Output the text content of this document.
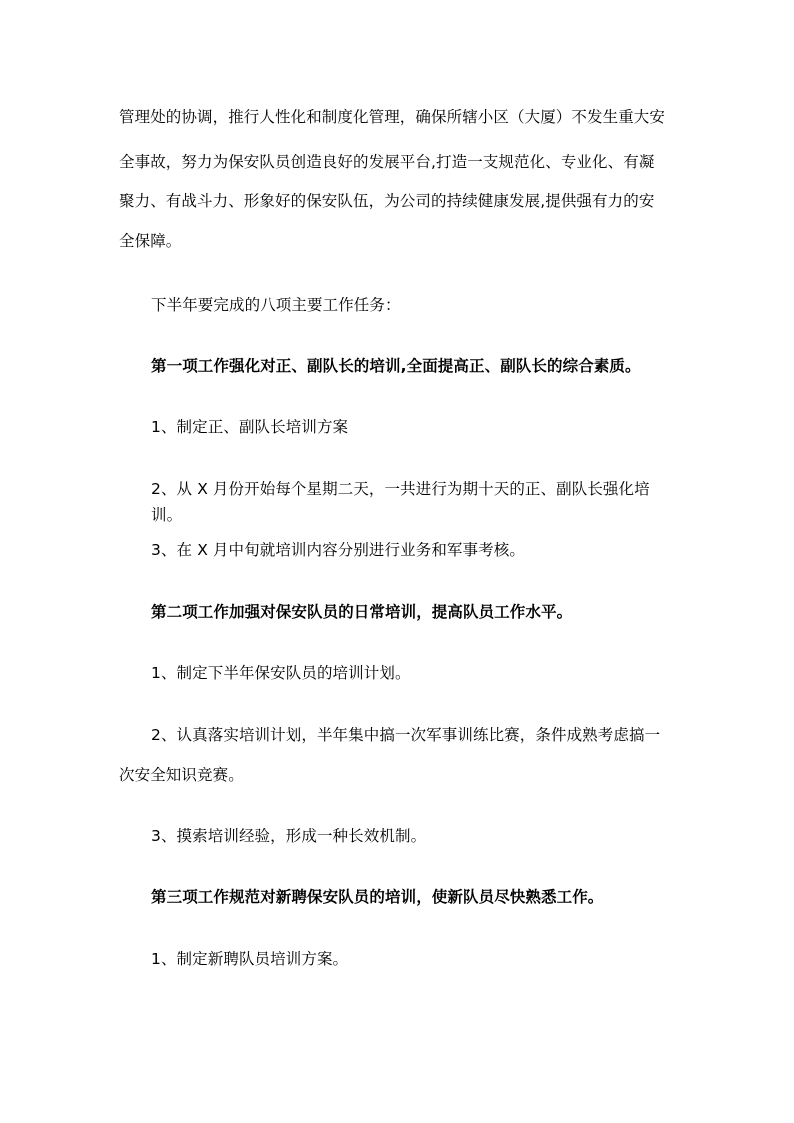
管理处的协调，推行人性化和制度化管理，确保所辖小区（大厦）不发生重大安

全事故，努力为保安队员创造良好的发展平台,打造一支规范化、专业化、有凝

聚力、有战斗力、形象好的保安队伍，为公司的持续健康发展,提供强有力的安

全保障。

下半年要完成的八项主要工作任务：

第一项工作强化对正、副队长的培训,全面提高正、副队长的综合素质。

1、制定正、副队长培训方案

2、从 X 月份开始每个星期二天，一共进行为期十天的正、副队长强化培训。

3、在 X 月中旬就培训内容分别进行业务和军事考核。

第二项工作加强对保安队员的日常培训，提高队员工作水平。

1、制定下半年保安队员的培训计划。

2、认真落实培训计划，半年集中搞一次军事训练比赛，条件成熟考虑搞一

次安全知识竞赛。

3、摸索培训经验，形成一种长效机制。

第三项工作规范对新聘保安队员的培训，使新队员尽快熟悉工作。

1、制定新聘队员培训方案。
